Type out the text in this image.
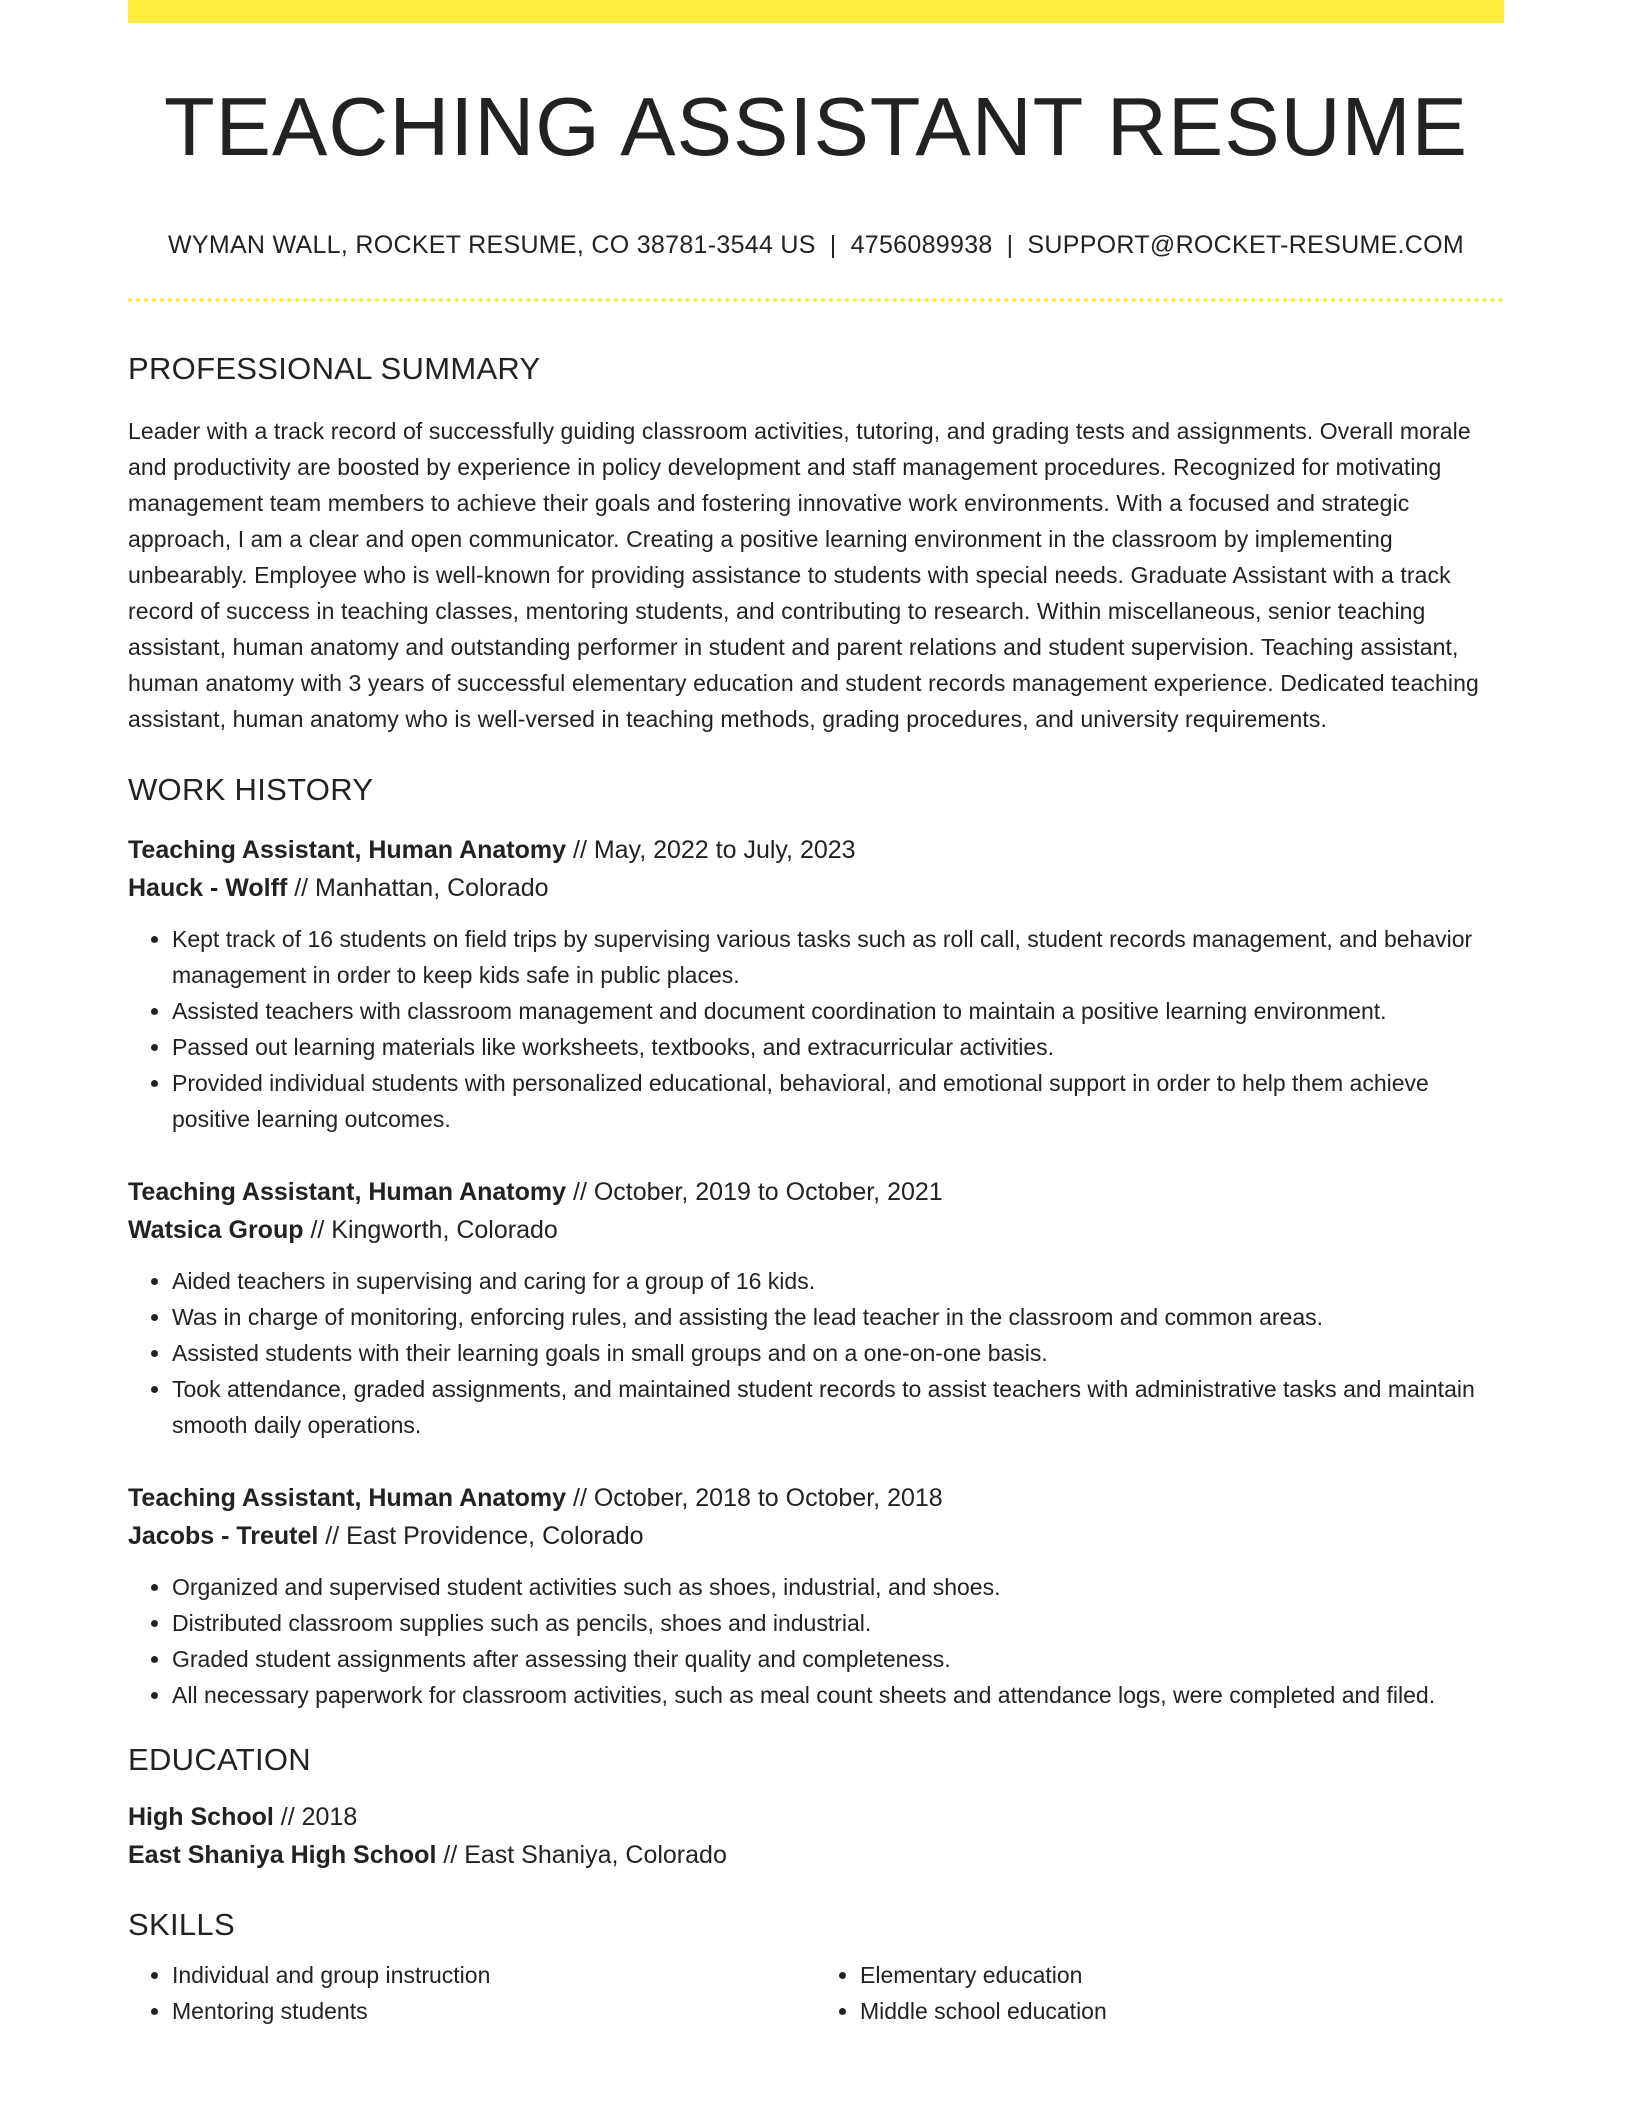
TEACHING ASSISTANT RESUME
WYMAN WALL, ROCKET RESUME, CO 38781-3544 US | 4756089938 | SUPPORT@ROCKET-RESUME.COM
PROFESSIONAL SUMMARY
Leader with a track record of successfully guiding classroom activities, tutoring, and grading tests and assignments. Overall morale and productivity are boosted by experience in policy development and staff management procedures. Recognized for motivating management team members to achieve their goals and fostering innovative work environments. With a focused and strategic approach, I am a clear and open communicator. Creating a positive learning environment in the classroom by implementing unbearably. Employee who is well-known for providing assistance to students with special needs. Graduate Assistant with a track record of success in teaching classes, mentoring students, and contributing to research. Within miscellaneous, senior teaching assistant, human anatomy and outstanding performer in student and parent relations and student supervision. Teaching assistant, human anatomy with 3 years of successful elementary education and student records management experience. Dedicated teaching assistant, human anatomy who is well-versed in teaching methods, grading procedures, and university requirements.
WORK HISTORY
Teaching Assistant, Human Anatomy // May, 2022 to July, 2023
Hauck - Wolff // Manhattan, Colorado
• Kept track of 16 students on field trips by supervising various tasks such as roll call, student records management, and behavior management in order to keep kids safe in public places.
• Assisted teachers with classroom management and document coordination to maintain a positive learning environment.
• Passed out learning materials like worksheets, textbooks, and extracurricular activities.
• Provided individual students with personalized educational, behavioral, and emotional support in order to help them achieve positive learning outcomes.
Teaching Assistant, Human Anatomy // October, 2019 to October, 2021
Watsica Group // Kingworth, Colorado
• Aided teachers in supervising and caring for a group of 16 kids.
• Was in charge of monitoring, enforcing rules, and assisting the lead teacher in the classroom and common areas.
• Assisted students with their learning goals in small groups and on a one-on-one basis.
• Took attendance, graded assignments, and maintained student records to assist teachers with administrative tasks and maintain smooth daily operations.
Teaching Assistant, Human Anatomy // October, 2018 to October, 2018
Jacobs - Treutel // East Providence, Colorado
• Organized and supervised student activities such as shoes, industrial, and shoes.
• Distributed classroom supplies such as pencils, shoes and industrial.
• Graded student assignments after assessing their quality and completeness.
• All necessary paperwork for classroom activities, such as meal count sheets and attendance logs, were completed and filed.
EDUCATION
High School // 2018
East Shaniya High School // East Shaniya, Colorado
SKILLS
• Individual and group instruction
• Mentoring students
• Elementary education
• Middle school education
